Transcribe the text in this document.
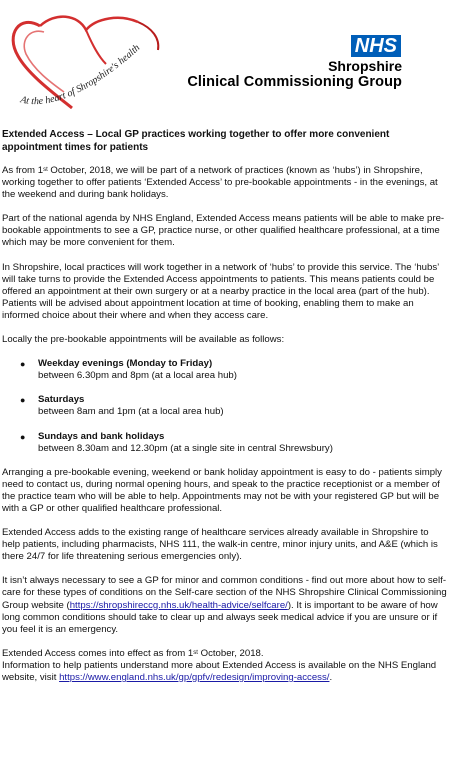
At the heart of Shropshire's health	NHS
Shropshire
Clinical Commissioning Group
Extended Access – Local GP practices working together to offer more convenient appointment times for patients

As from 1st October, 2018, we will be part of a network of practices (known as ‘hubs’) in Shropshire, working together to offer patients ‘Extended Access’ to pre-bookable appointments - in the evenings, at the weekend and during bank holidays.

Part of the national agenda by NHS England, Extended Access means patients will be able to make pre-bookable appointments to see a GP, practice nurse, or other qualified healthcare professional, at a time which may be more convenient for them.

In Shropshire, local practices will work together in a network of ‘hubs’ to provide this service. The ‘hubs’ will take turns to provide the Extended Access appointments to patients. This means patients could be offered an appointment at their own surgery or at a nearby practice in the local area (part of the hub). Patients will be advised about appointment location at time of booking, enabling them to make an informed choice about their where and when they access care.

Locally the pre-bookable appointments will be available as follows:

● Weekday evenings (Monday to Friday)
between 6.30pm and 8pm (at a local area hub)
● Saturdays
between 8am and 1pm (at a local area hub)
● Sundays and bank holidays
between 8.30am and 12.30pm (at a single site in central Shrewsbury)

Arranging a pre-bookable evening, weekend or bank holiday appointment is easy to do - patients simply need to contact us, during normal opening hours, and speak to the practice receptionist or a member of the practice team who will be able to help. Appointments may not be with your registered GP but will be with a GP or other qualified healthcare professional.

Extended Access adds to the existing range of healthcare services already available in Shropshire to help patients, including pharmacists, NHS 111, the walk-in centre, minor injury units, and A&E (which is there 24/7 for life threatening serious emergencies only).

It isn’t always necessary to see a GP for minor and common conditions - find out more about how to self-care for these types of conditions on the Self-care section of the NHS Shropshire Clinical Commissioning Group website (https://shropshireccg.nhs.uk/health-advice/selfcare/). It is important to be aware of how long common conditions should take to clear up and always seek medical advice if you are unsure or if you feel it is an emergency.

Extended Access comes into effect as from 1st October, 2018.
Information to help patients understand more about Extended Access is available on the NHS England website, visit https://www.england.nhs.uk/gp/gpfv/redesign/improving-access/.
